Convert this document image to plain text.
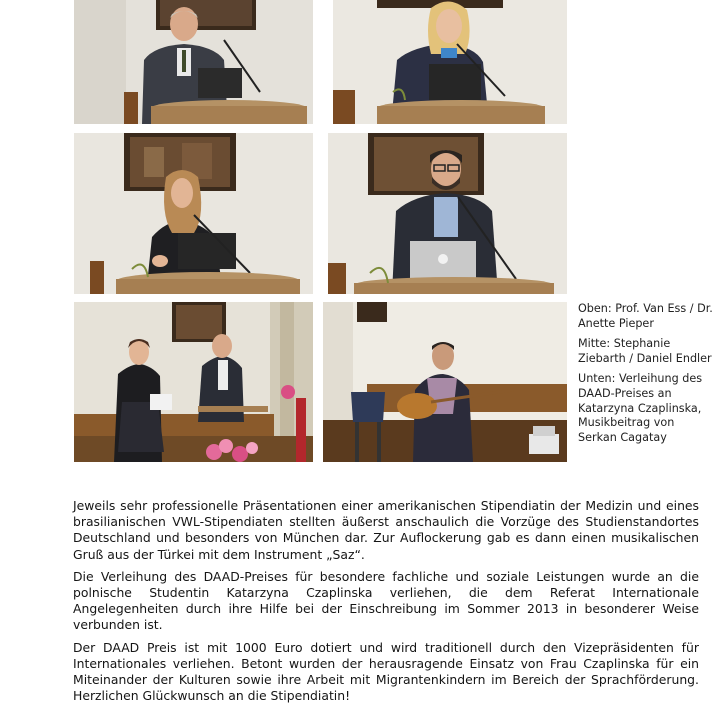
Oben: Prof. Van Ess / Dr. Anette Pieper

Mitte: Stephanie Ziebarth / Daniel Endler

Unten: Verleihung des DAAD-Preises an Katarzyna Czaplinska, Musikbeitrag von Serkan Cagatay

Jeweils sehr professionelle Präsentationen einer amerikanischen Stipendiatin der Medizin und eines brasilianischen VWL-Stipendiaten stellten äußerst anschaulich die Vorzüge des Studienstandortes Deutschland und besonders von München dar. Zur Auflockerung gab es dann einen musikalischen Gruß aus der Türkei mit dem Instrument „Saz“.

Die Verleihung des DAAD-Preises für besondere fachliche und soziale Leistungen wurde an die polnische Studentin Katarzyna Czaplinska verliehen, die dem Referat Internationale Angelegenheiten durch ihre Hilfe bei der Einschreibung im Sommer 2013 in besonderer Weise verbunden ist.

Der DAAD Preis ist mit 1000 Euro dotiert und wird traditionell durch den Vizepräsidenten für Internationales verliehen. Betont wurden der herausragende Einsatz von Frau Czaplinska für ein Miteinander der Kulturen sowie ihre Arbeit mit Migrantenkindern im Bereich der Sprachförderung. Herzlichen Glückwunsch an die Stipendiatin!
